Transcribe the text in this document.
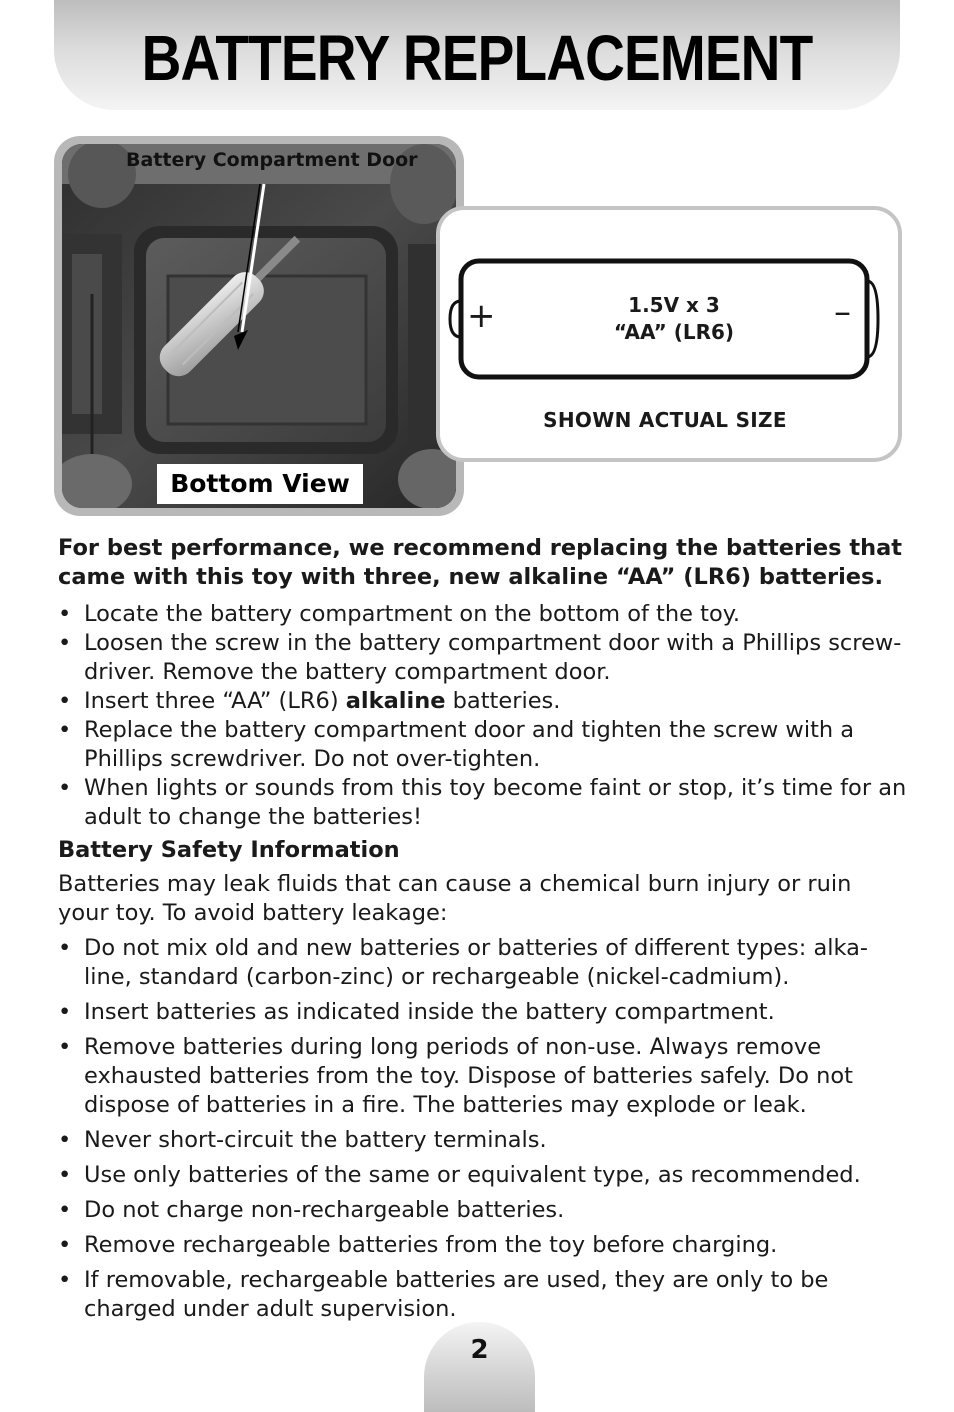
BATTERY REPLACEMENT
Battery Compartment Door
Bottom View
+	–
1.5V x 3
“AA” (LR6)
SHOWN ACTUAL SIZE

For best performance, we recommend replacing the batteries that came with this toy with three, new alkaline “AA” (LR6) batteries.

• Locate the battery compartment on the bottom of the toy.
• Loosen the screw in the battery compartment door with a Phillips screw-driver. Remove the battery compartment door.
• Insert three “AA” (LR6) alkaline batteries.
• Replace the battery compartment door and tighten the screw with a Phillips screwdriver. Do not over-tighten.
• When lights or sounds from this toy become faint or stop, it’s time for an adult to change the batteries!
Battery Safety Information

Batteries may leak fluids that can cause a chemical burn injury or ruin your toy. To avoid battery leakage:

• Do not mix old and new batteries or batteries of different types: alka-line, standard (carbon-zinc) or rechargeable (nickel-cadmium).
• Insert batteries as indicated inside the battery compartment.
• Remove batteries during long periods of non-use. Always remove exhausted batteries from the toy. Dispose of batteries safely. Do not dispose of batteries in a fire. The batteries may explode or leak.
• Never short-circuit the battery terminals.
• Use only batteries of the same or equivalent type, as recommended.
• Do not charge non-rechargeable batteries.
• Remove rechargeable batteries from the toy before charging.
• If removable, rechargeable batteries are used, they are only to be charged under adult supervision.
2
